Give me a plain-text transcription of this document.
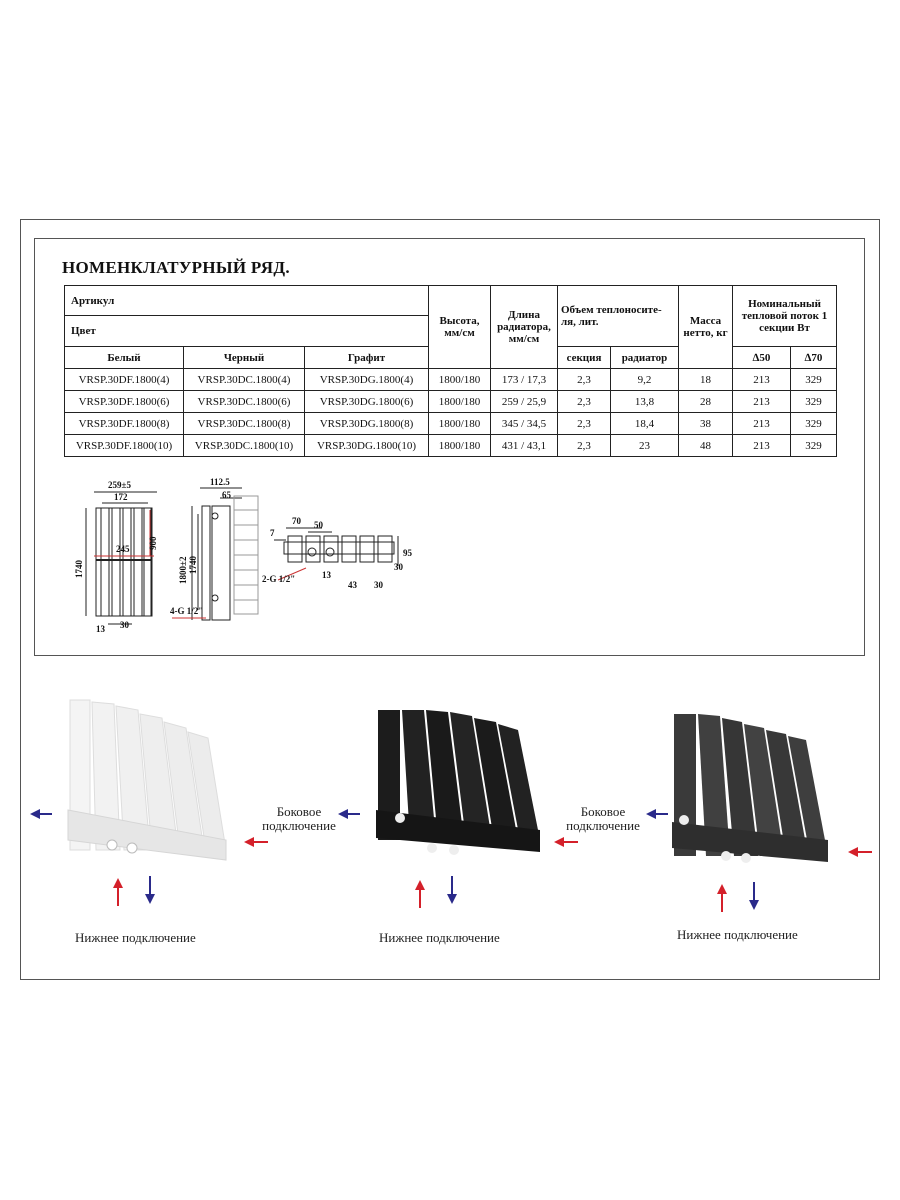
НОМЕНКЛАТУРНЫЙ РЯД.
Артикул			Высота, мм/см	Длина радиатора, мм/см	Объем теплоносите-ля, лит.		Масса нетто, кг	Номинальный тепловой поток 1 секции Вт	
Цвет									
Белый	Черный	Графит			секция	радиатор		∆50	∆70
VRSP.30DF.1800(4)	VRSP.30DC.1800(4)	VRSP.30DG.1800(4)	1800/180	173 / 17,3	2,3	9,2	18	213	329
VRSP.30DF.1800(6)	VRSP.30DC.1800(6)	VRSP.30DG.1800(6)	1800/180	259 / 25,9	2,3	13,8	28	213	329
VRSP.30DF.1800(8)	VRSP.30DC.1800(8)	VRSP.30DG.1800(8)	1800/180	345 / 34,5	2,3	18,4	38	213	329
VRSP.30DF.1800(10)	VRSP.30DC.1800(10)	VRSP.30DG.1800(10)	1800/180	431 / 43,1	2,3	23	48	213	329
259±5
172
900
1740
245
13 30
112.5
65
1800±2 1740
4-G 1/2"
70 50
7
95
30
13
43 30
2-G 1/2"
Боковое
подключение
Боковое
подключение
Нижнее подключение	Нижнее подключение	Нижнее подключение
